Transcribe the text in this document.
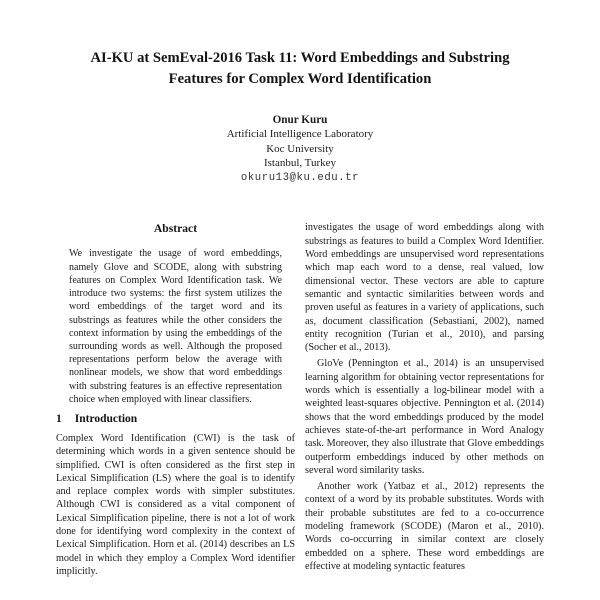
AI-KU at SemEval-2016 Task 11: Word Embeddings and Substring
Features for Complex Word Identification
Onur Kuru
Artificial Intelligence Laboratory
Koc University
Istanbul, Turkey
okuru13@ku.edu.tr
Abstract
We investigate the usage of word embeddings, namely Glove and SCODE, along with substring features on Complex Word Identification task. We introduce two systems: the first system utilizes the word embeddings of the target word and its substrings as features while the other considers the context information by using the embeddings of the surrounding words as well. Although the proposed representations perform below the average with nonlinear models, we show that word embeddings with substring features is an effective representation choice when employed with linear classifiers.
1 Introduction

Complex Word Identification (CWI) is the task of determining which words in a given sentence should be simplified. CWI is often considered as the first step in Lexical Simplification (LS) where the goal is to identify and replace complex words with simpler substitutes. Although CWI is considered as a vital component of Lexical Simplification pipeline, there is not a lot of work done for identifying word complexity in the context of Lexical Simplification. Horn et al. (2014) describes an LS model in which they employ a Complex Word identifier implicitly.

investigates the usage of word embeddings along with substrings as features to build a Complex Word Identifier. Word embeddings are unsupervised word representations which map each word to a dense, real valued, low dimensional vector. These vectors are able to capture semantic and syntactic similarities between words and proven useful as features in a variety of applications, such as, document classification (Sebastiani, 2002), named entity recognition (Turian et al., 2010), and parsing (Socher et al., 2013).

GloVe (Pennington et al., 2014) is an unsupervised learning algorithm for obtaining vector representations for words which is essentially a log-bilinear model with a weighted least-squares objective. Pennington et al. (2014) shows that the word embeddings produced by the model achieves state-of-the-art performance in Word Analogy task. Moreover, they also illustrate that Glove embeddings outperform embeddings induced by other methods on several word similarity tasks.

Another work (Yatbaz et al., 2012) represents the context of a word by its probable substitutes. Words with their probable substitutes are fed to a co-occurrence modeling framework (SCODE) (Maron et al., 2010). Words co-occurring in similar context are closely embedded on a sphere. These word embeddings are effective at modeling syntactic features
